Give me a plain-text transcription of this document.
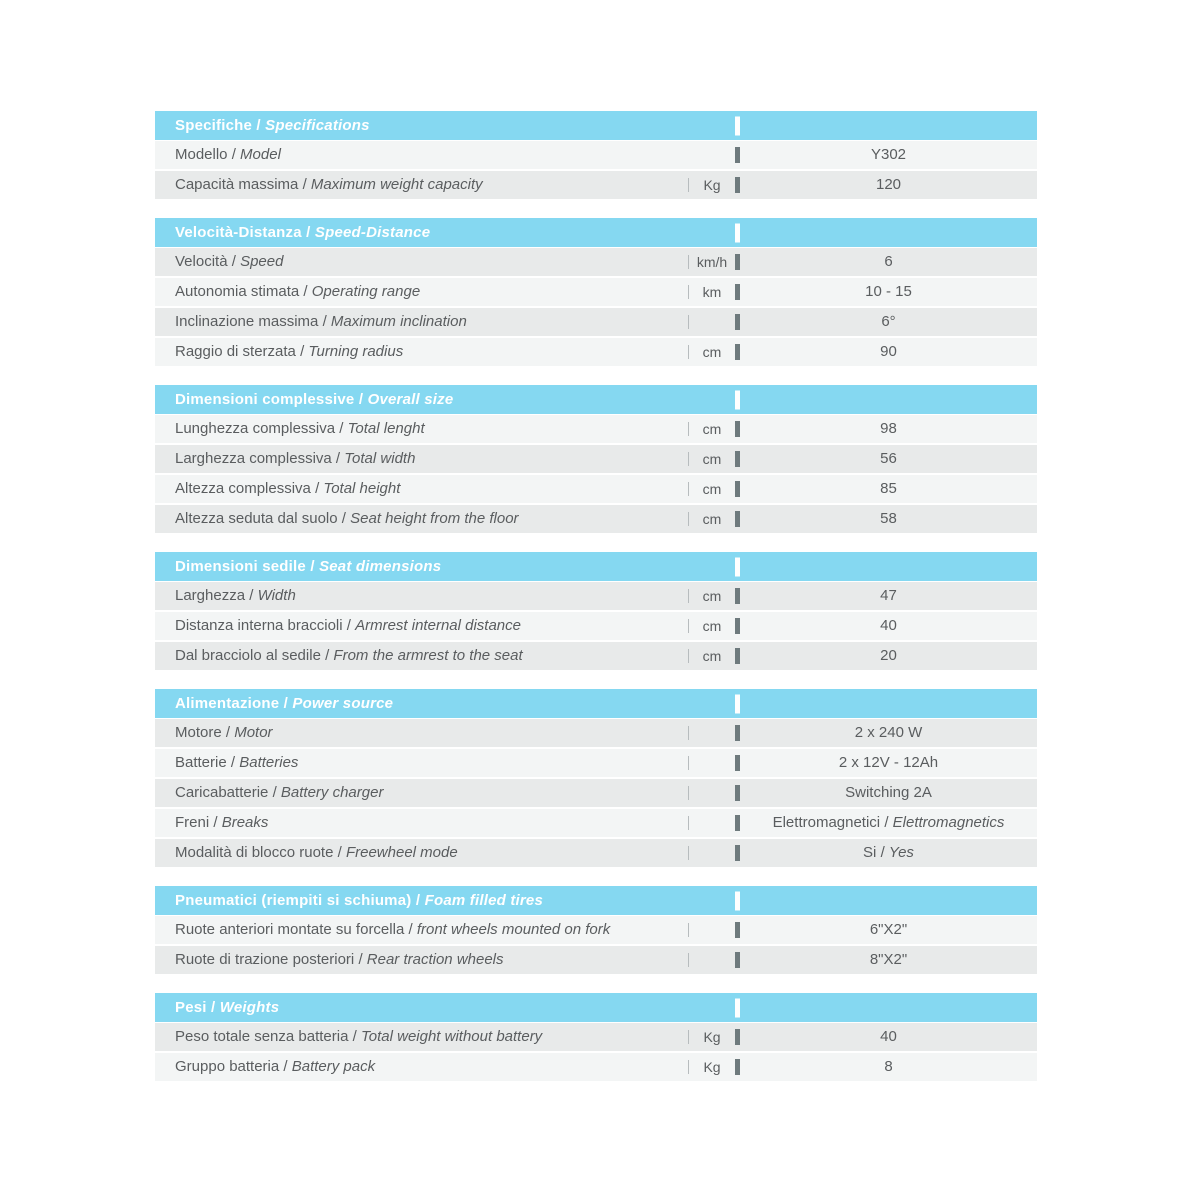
Specifiche / Specifications
Modello / Model	Y302
Capacità massima / Maximum weight capacity	Kg	120
Velocità-Distanza / Speed-Distance
Velocità / Speed	km/h	6
Autonomia stimata / Operating range	km	10 - 15
Inclinazione massima / Maximum inclination	6°
Raggio di sterzata / Turning radius	cm	90
Dimensioni complessive / Overall size
Lunghezza complessiva / Total lenght	cm	98
Larghezza complessiva / Total width	cm	56
Altezza complessiva / Total height	cm	85
Altezza seduta dal suolo / Seat height from the floor	cm	58
Dimensioni sedile / Seat dimensions
Larghezza / Width	cm	47
Distanza interna braccioli / Armrest internal distance	cm	40
Dal bracciolo al sedile / From the armrest to the seat	cm	20
Alimentazione / Power source
Motore / Motor	2 x 240 W
Batterie / Batteries	2 x 12V - 12Ah
Caricabatterie / Battery charger	Switching 2A
Freni / Breaks	Elettromagnetici / Elettromagnetics
Modalità di blocco ruote / Freewheel mode	Si / Yes
Pneumatici (riempiti si schiuma) / Foam filled tires
Ruote anteriori montate su forcella / front wheels mounted on fork	6"X2"
Ruote di trazione posteriori / Rear traction wheels	8"X2"
Pesi / Weights
Peso totale senza batteria / Total weight without battery	Kg	40
Gruppo batteria / Battery pack	Kg	8
